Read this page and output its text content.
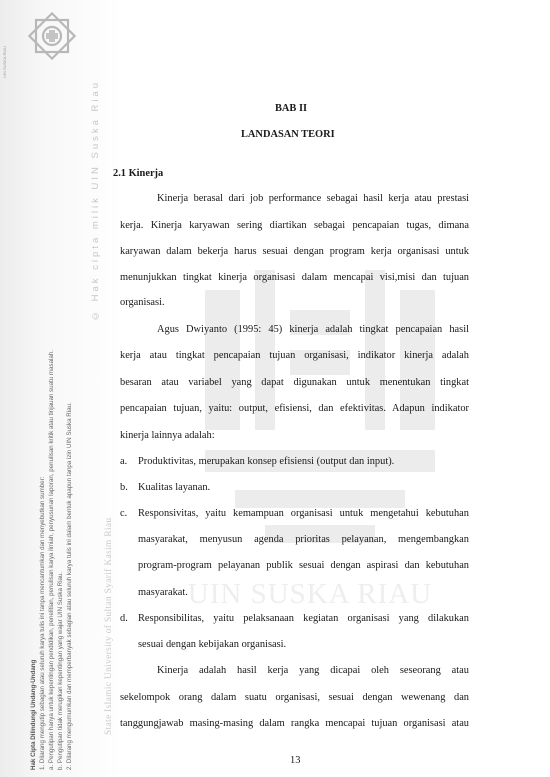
UIN SUSKA RIAU
Hak Cipta Dilindungi Undang-Undang 1. Dilarang mengutip sebagian atau seluruh karya tulis ini tanpa mencantumkan dan menyebutkan sumber: a. Pengutipan hanya untuk kepentingan pendidikan, penelitian, penulisan karya ilmiah, penyusunan laporan, penulisan kritik atau tinjauan suatu masalah. b. Pengutipan tidak merugikan kepentingan yang wajar UIN Suska Riau. 2. Dilarang mengumumkan dan memperbanyak sebagian atau seluruh karya tulis ini dalam bentuk apapun tanpa izin UIN Suska Riau.
© Hak cipta milik UIN Suska Riau
State Islamic University of Sultan Syarif Kasim Riau	UIN SUSKA RIAU
BAB II
LANDASAN TEORI
2.1 Kinerja
Kinerja berasal dari job performance sebagai hasil kerja atau prestasi
kerja. Kinerja karyawan sering diartikan sebagai pencapaian tugas, dimana
karyawan dalam bekerja harus sesuai dengan program kerja organisasi untuk
menunjukkan tingkat kinerja organisasi dalam mencapai visi,misi dan tujuan
organisasi.
Agus Dwiyanto (1995: 45) kinerja adalah tingkat pencapaian hasil
kerja atau tingkat pencapaian tujuan organisasi, indikator kinerja adalah
besaran atau variabel yang dapat digunakan untuk menentukan tingkat
pencapaian tujuan, yaitu: output, efisiensi, dan efektivitas. Adapun indikator
kinerja lainnya adalah:
a. Produktivitas, merupakan konsep efisiensi (output dan input).
b. Kualitas layanan.
c. Responsivitas, yaitu kemampuan organisasi untuk mengetahui kebutuhan
masyarakat, menyusun agenda prioritas pelayanan, mengembangkan
program-program pelayanan publik sesuai dengan aspirasi dan kebutuhan
masyarakat.
d. Responsibilitas, yaitu pelaksanaan kegiatan organisasi yang dilakukan
sesuai dengan kebijakan organisasi.
Kinerja adalah hasil kerja yang dicapai oleh seseorang atau
sekelompok orang dalam suatu organisasi, sesuai dengan wewenang dan
tanggungjawab masing-masing dalam rangka mencapai tujuan organisasi atau
13
